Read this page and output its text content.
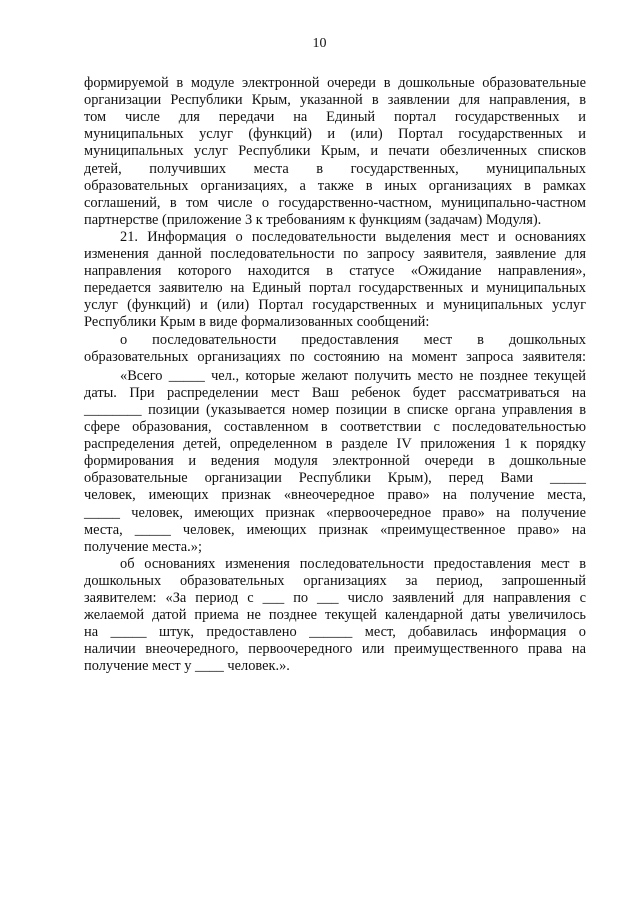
10
формируемой в модуле электронной очереди в дошкольные образовательные
организации Республики Крым, указанной в заявлении для направления, в
том числе для передачи на Единый портал государственных и
муниципальных услуг (функций) и (или) Портал государственных и
муниципальных услуг Республики Крым, и печати обезличенных списков
детей, получивших места в государственных, муниципальных
образовательных организациях, а также в иных организациях в рамках
соглашений, в том числе о государственно-частном, муниципально-частном
партнерстве (приложение 3 к требованиям к функциям (задачам) Модуля).
21. Информация о последовательности выделения мест и основаниях
изменения данной последовательности по запросу заявителя, заявление для
направления которого находится в статусе «Ожидание направления»,
передается заявителю на Единый портал государственных и муниципальных
услуг (функций) и (или) Портал государственных и муниципальных услуг
Республики Крым в виде формализованных сообщений:
о последовательности предоставления мест в дошкольных
образовательных организациях по состоянию на момент запроса заявителя:
«Всего _____ чел., которые желают получить место не позднее текущей
даты. При распределении мест Ваш ребенок будет рассматриваться на
________ позиции (указывается номер позиции в списке органа управления в
сфере образования, составленном в соответствии с последовательностью
распределения детей, определенном в разделе IV приложения 1 к порядку
формирования и ведения модуля электронной очереди в дошкольные
образовательные организации Республики Крым), перед Вами _____
человек, имеющих признак «внеочередное право» на получение места,
_____ человек, имеющих признак «первоочередное право» на получение
места, _____ человек, имеющих признак «преимущественное право» на
получение места.»;
об основаниях изменения последовательности предоставления мест в
дошкольных образовательных организациях за период, запрошенный
заявителем: «За период с ___ по ___ число заявлений для направления с
желаемой датой приема не позднее текущей календарной даты увеличилось
на _____ штук, предоставлено ______ мест, добавилась информация о
наличии внеочередного, первоочередного или преимущественного права на
получение мест у ____ человек.».
